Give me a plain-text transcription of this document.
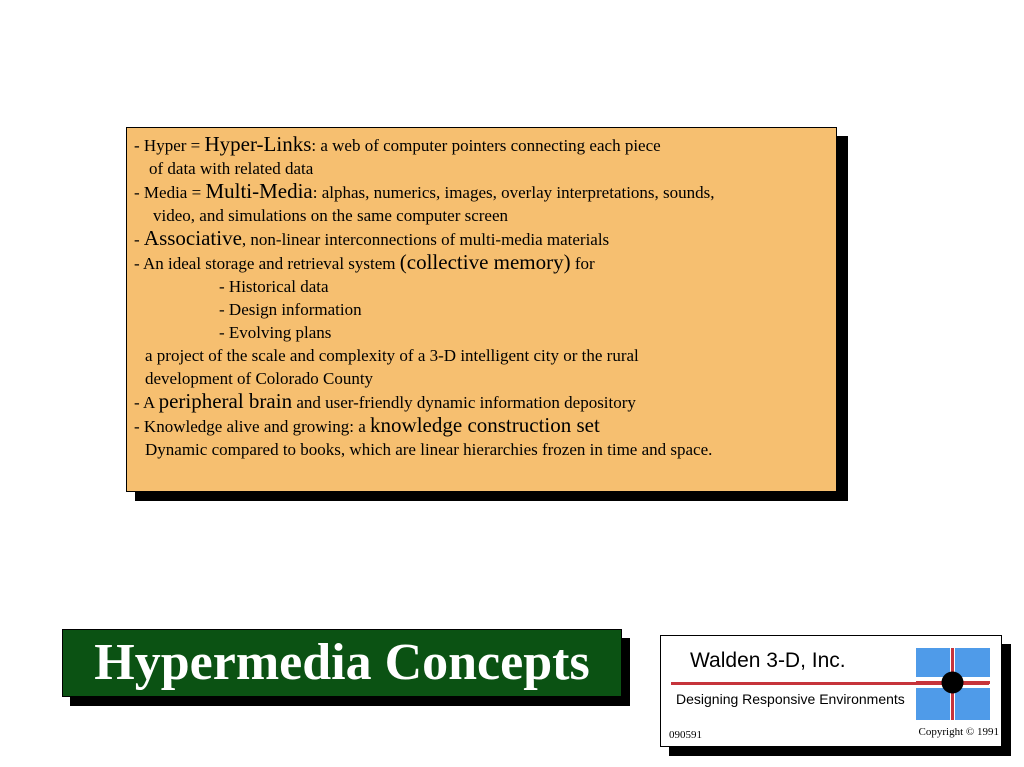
- Hyper = Hyper-Links: a web of computer pointers connecting each piece
of data with related data
- Media = Multi-Media: alphas, numerics, images, overlay interpretations, sounds,
video, and simulations on the same computer screen
- Associative, non-linear interconnections of multi-media materials
- An ideal storage and retrieval system (collective memory) for
- Historical data
- Design information
- Evolving plans
a project of the scale and complexity of a 3-D intelligent city or the rural
development of Colorado County
- A peripheral brain and user-friendly dynamic information depository
- Knowledge alive and growing: a knowledge construction set
Dynamic compared to books, which are linear hierarchies frozen in time and space.
Hypermedia Concepts	Walden 3-D, Inc.
Designing Responsive Environments
090591	Copyright © 1991
